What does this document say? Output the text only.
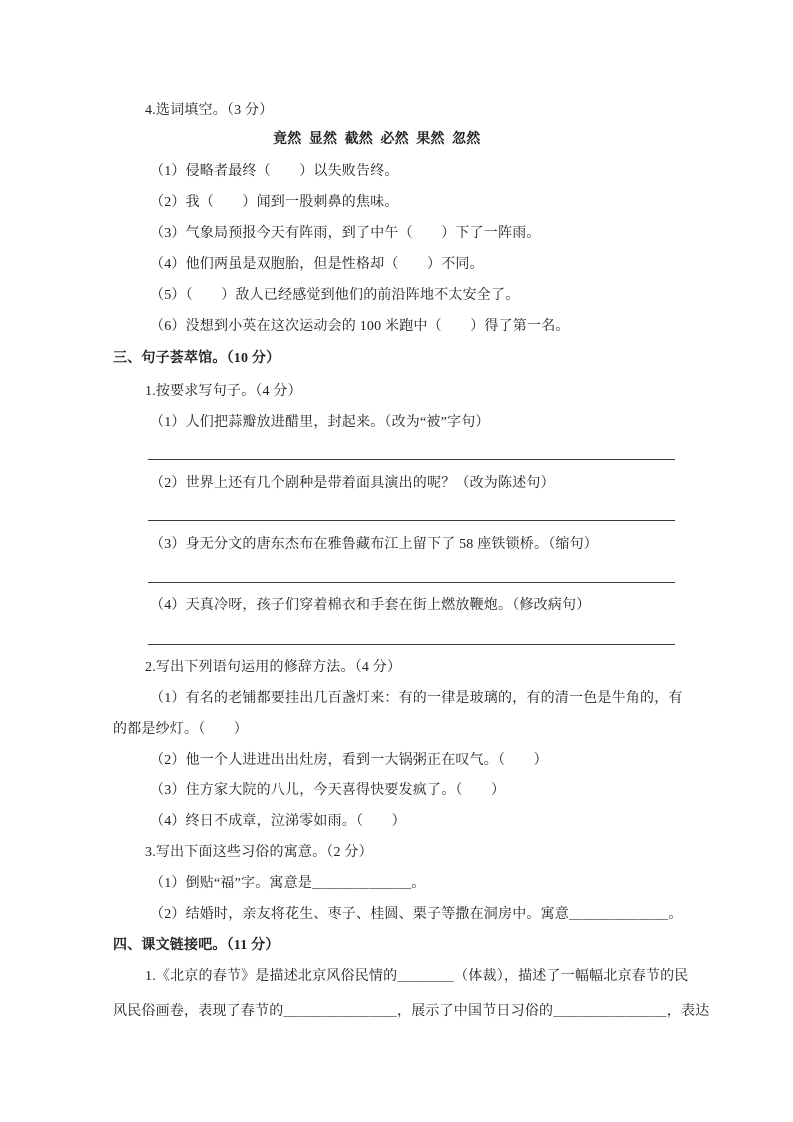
4.选词填空。（3 分）
竟然  显然  截然  必然  果然  忽然
（1）侵略者最终（　　）以失败告终。
（2）我（　　）闻到一股刺鼻的焦味。
（3）气象局预报今天有阵雨，到了中午（　　）下了一阵雨。
（4）他们两虽是双胞胎，但是性格却（　　）不同。
（5）（　　）敌人已经感觉到他们的前沿阵地不太安全了。
（6）没想到小英在这次运动会的 100 米跑中（　　）得了第一名。
三、句子荟萃馆。（10 分）
1.按要求写句子。（4 分）
（1）人们把蒜瓣放进醋里，封起来。（改为“被”字句）
（2）世界上还有几个剧种是带着面具演出的呢？（改为陈述句）
（3）身无分文的唐东杰布在雅鲁藏布江上留下了 58 座铁锁桥。（缩句）
（4）天真冷呀，孩子们穿着棉衣和手套在街上燃放鞭炮。（修改病句）
2.写出下列语句运用的修辞方法。（4 分）
（1）有名的老铺都要挂出几百盏灯来：有的一律是玻璃的，有的清一色是牛角的，有
的都是纱灯。（　　）
（2）他一个人进进出出灶房，看到一大锅粥正在叹气。（　　）
（3）住方家大院的八儿，今天喜得快要发疯了。（　　）
（4）终日不成章，泣涕零如雨。（　　）
3.写出下面这些习俗的寓意。（2 分）
（1）倒贴“福”字。寓意是＿＿＿＿＿＿＿。
（2）结婚时，亲友将花生、枣子、桂圆、栗子等撒在洞房中。寓意＿＿＿＿＿＿＿。
四、课文链接吧。（11 分）
1.《北京的春节》是描述北京风俗民情的＿＿＿＿（体裁），描述了一幅幅北京春节的民
风民俗画卷，表现了春节的＿＿＿＿＿＿＿＿，展示了中国节日习俗的＿＿＿＿＿＿＿＿，表达
